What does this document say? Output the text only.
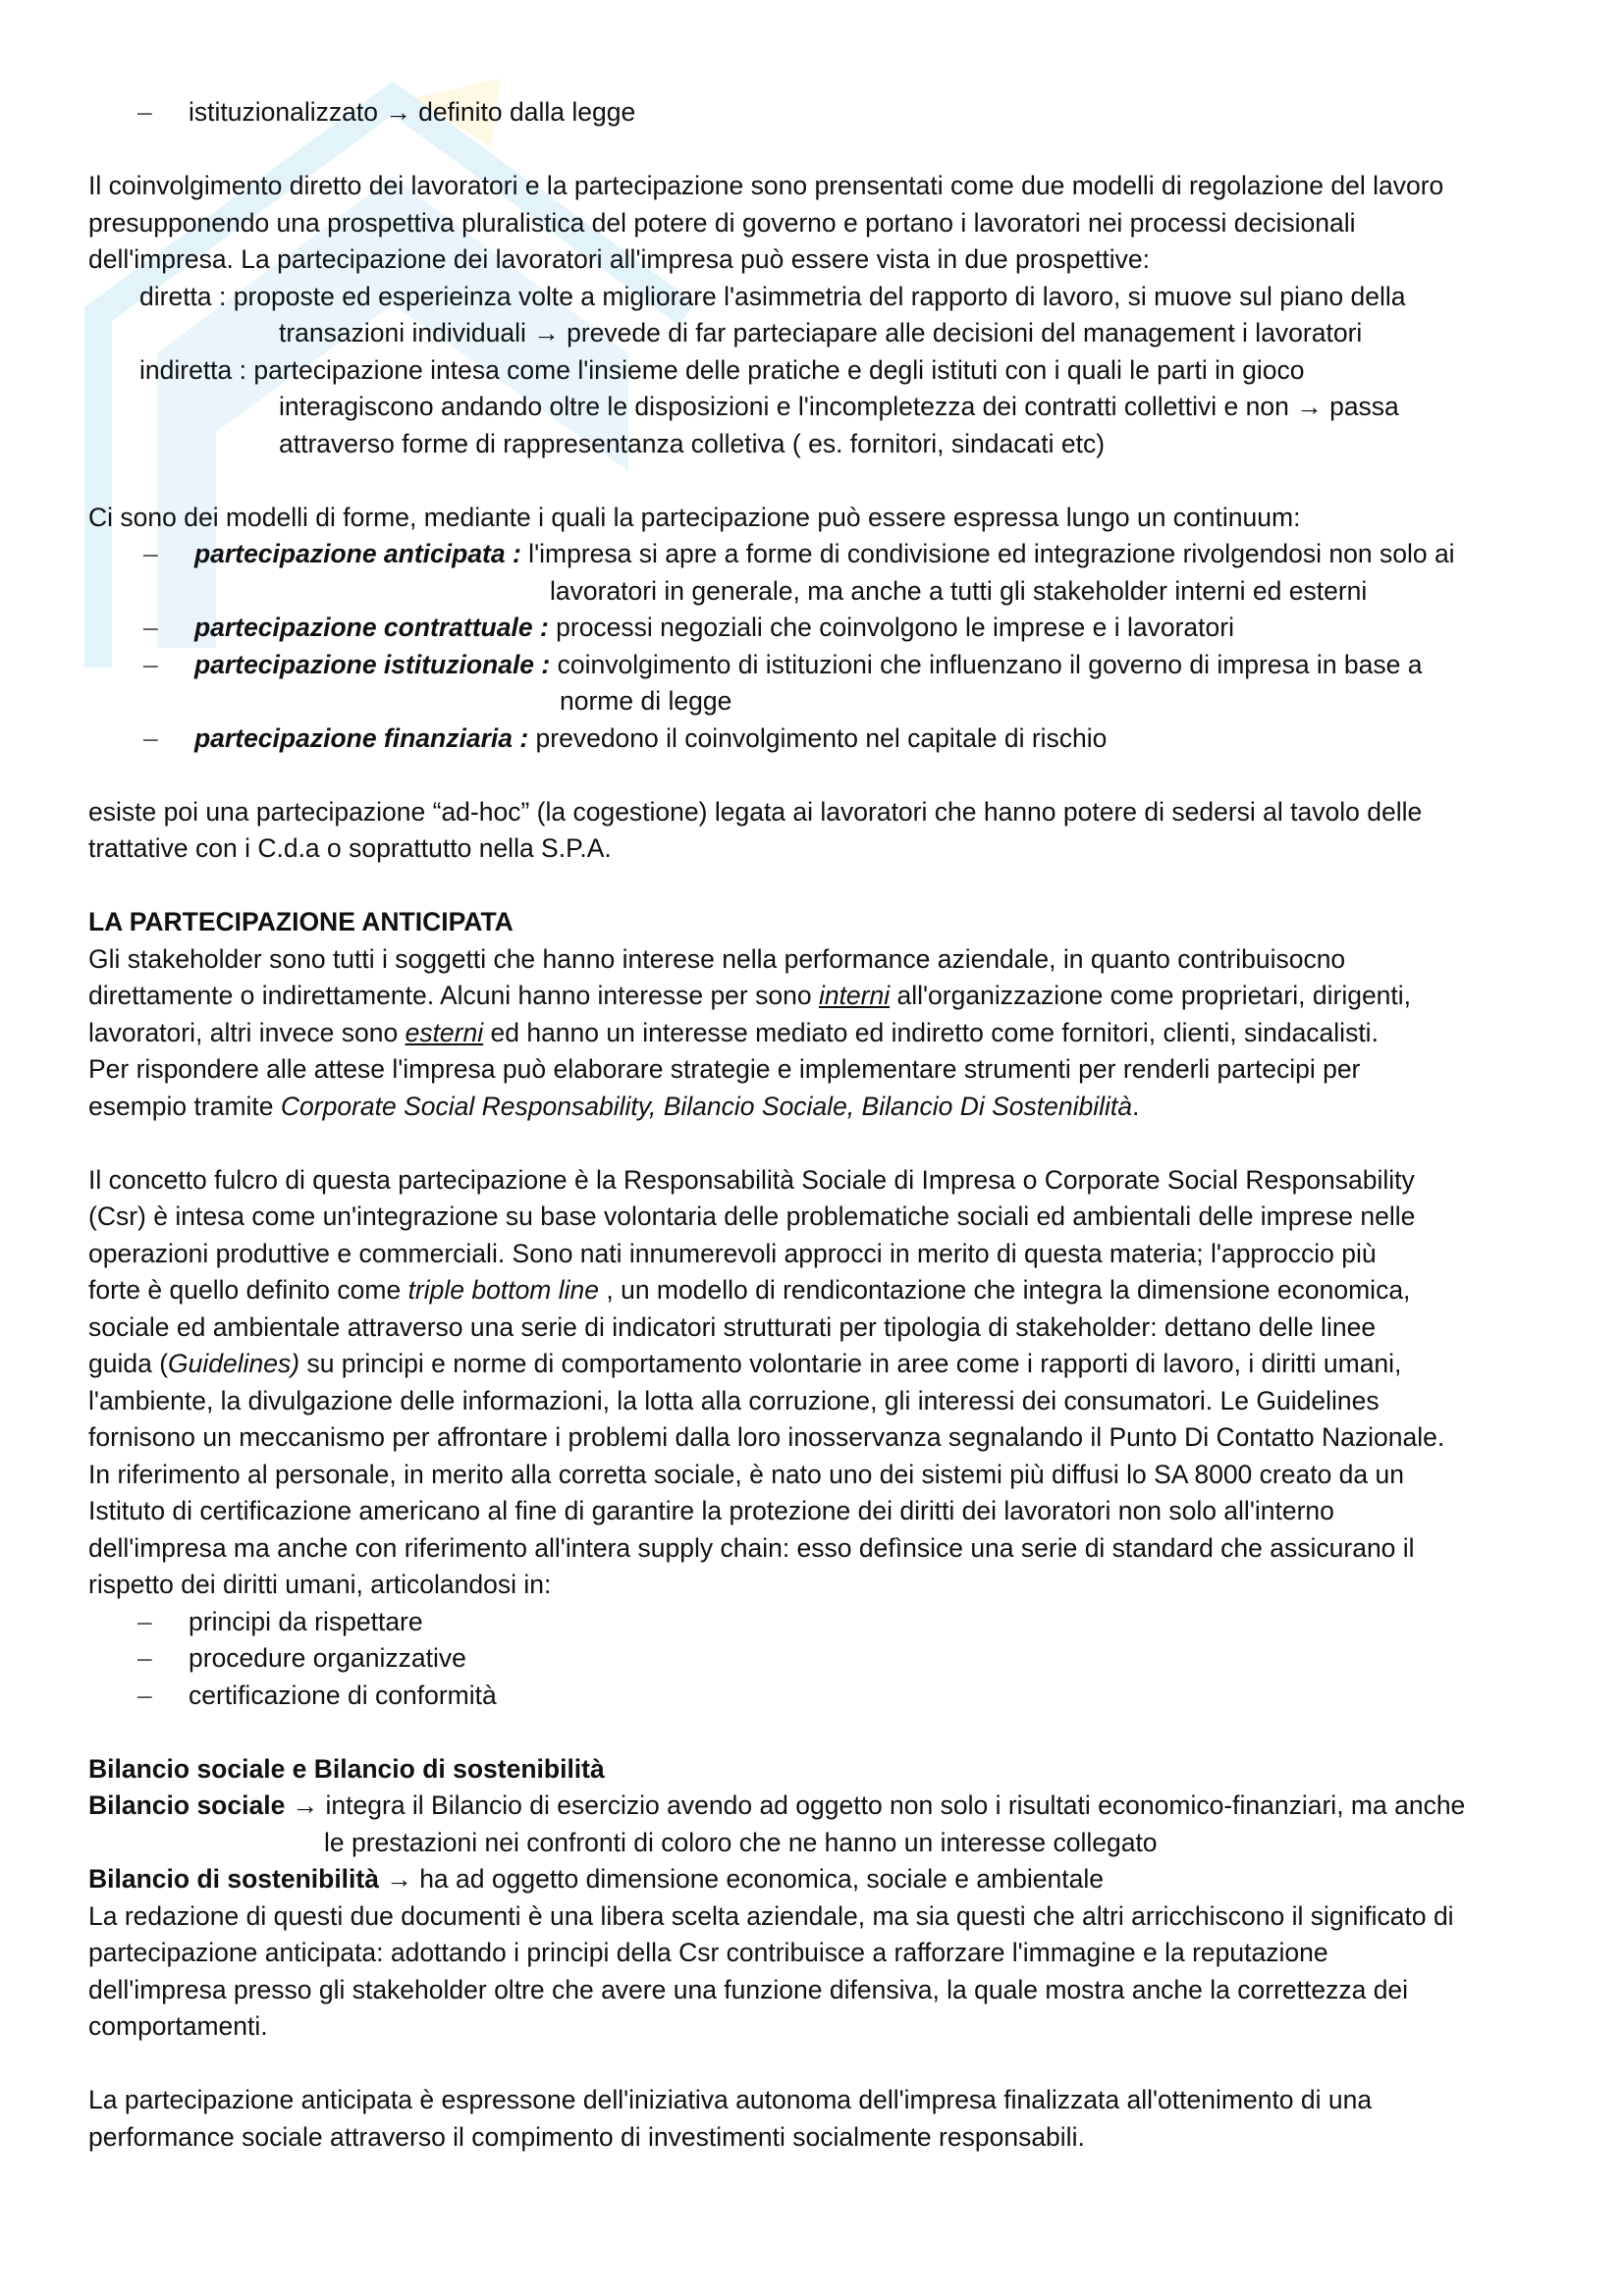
– istituzionalizzato → definito dalla legge

Il coinvolgimento diretto dei lavoratori e la partecipazione sono prensentati come due modelli di regolazione del lavoro

presupponendo una prospettiva pluralistica del potere di governo e portano i lavoratori nei processi decisionali

dell'impresa. La partecipazione dei lavoratori all'impresa può essere vista in due prospettive:

diretta : proposte ed esperieinza volte a migliorare l'asimmetria del rapporto di lavoro, si muove sul piano della

transazioni individuali → prevede di far parteciapare alle decisioni del management i lavoratori

indiretta : partecipazione intesa come l'insieme delle pratiche e degli istituti con i quali le parti in gioco

interagiscono andando oltre le disposizioni e l'incompletezza dei contratti collettivi e non → passa

attraverso forme di rappresentanza colletiva ( es. fornitori, sindacati etc)

Ci sono dei modelli di forme, mediante i quali la partecipazione può essere espressa lungo un continuum:

– partecipazione anticipata : l'impresa si apre a forme di condivisione ed integrazione rivolgendosi non solo ai

lavoratori in generale, ma anche a tutti gli stakeholder interni ed esterni

– partecipazione contrattuale : processi negoziali che coinvolgono le imprese e i lavoratori

– partecipazione istituzionale : coinvolgimento di istituzioni che influenzano il governo di impresa in base a

norme di legge

– partecipazione finanziaria : prevedono il coinvolgimento nel capitale di rischio

esiste poi una partecipazione “ad-hoc” (la cogestione) legata ai lavoratori che hanno potere di sedersi al tavolo delle

trattative con i C.d.a o soprattutto nella S.P.A.

LA PARTECIPAZIONE ANTICIPATA

Gli stakeholder sono tutti i soggetti che hanno interese nella performance aziendale, in quanto contribuisocno

direttamente o indirettamente. Alcuni hanno interesse per sono interni all'organizzazione come proprietari, dirigenti,

lavoratori, altri invece sono esterni ed hanno un interesse mediato ed indiretto come fornitori, clienti, sindacalisti.

Per rispondere alle attese l'impresa può elaborare strategie e implementare strumenti per renderli partecipi per

esempio tramite Corporate Social Responsability, Bilancio Sociale, Bilancio Di Sostenibilità.

Il concetto fulcro di questa partecipazione è la Responsabilità Sociale di Impresa o Corporate Social Responsability

(Csr) è intesa come un'integrazione su base volontaria delle problematiche sociali ed ambientali delle imprese nelle

operazioni produttive e commerciali. Sono nati innumerevoli approcci in merito di questa materia; l'approccio più

forte è quello definito come triple bottom line , un modello di rendicontazione che integra la dimensione economica,

sociale ed ambientale attraverso una serie di indicatori strutturati per tipologia di stakeholder: dettano delle linee

guida (Guidelines) su principi e norme di comportamento volontarie in aree come i rapporti di lavoro, i diritti umani,

l'ambiente, la divulgazione delle informazioni, la lotta alla corruzione, gli interessi dei consumatori. Le Guidelines

fornisono un meccanismo per affrontare i problemi dalla loro inosservanza segnalando il Punto Di Contatto Nazionale.

In riferimento al personale, in merito alla corretta sociale, è nato uno dei sistemi più diffusi lo SA 8000 creato da un

Istituto di certificazione americano al fine di garantire la protezione dei diritti dei lavoratori non solo all'interno

dell'impresa ma anche con riferimento all'intera supply chain: esso defìnsice una serie di standard che assicurano il

rispetto dei diritti umani, articolandosi in:

– principi da rispettare
– procedure organizzative
– certificazione di conformità

Bilancio sociale e Bilancio di sostenibilità

Bilancio sociale → integra il Bilancio di esercizio avendo ad oggetto non solo i risultati economico-finanziari, ma anche

le prestazioni nei confronti di coloro che ne hanno un interesse collegato

Bilancio di sostenibilità → ha ad oggetto dimensione economica, sociale e ambientale

La redazione di questi due documenti è una libera scelta aziendale, ma sia questi che altri arricchiscono il significato di

partecipazione anticipata: adottando i principi della Csr contribuisce a rafforzare l'immagine e la reputazione

dell'impresa presso gli stakeholder oltre che avere una funzione difensiva, la quale mostra anche la correttezza dei

comportamenti.

La partecipazione anticipata è espressone dell'iniziativa autonoma dell'impresa finalizzata all'ottenimento di una

performance sociale attraverso il compimento di investimenti socialmente responsabili.
